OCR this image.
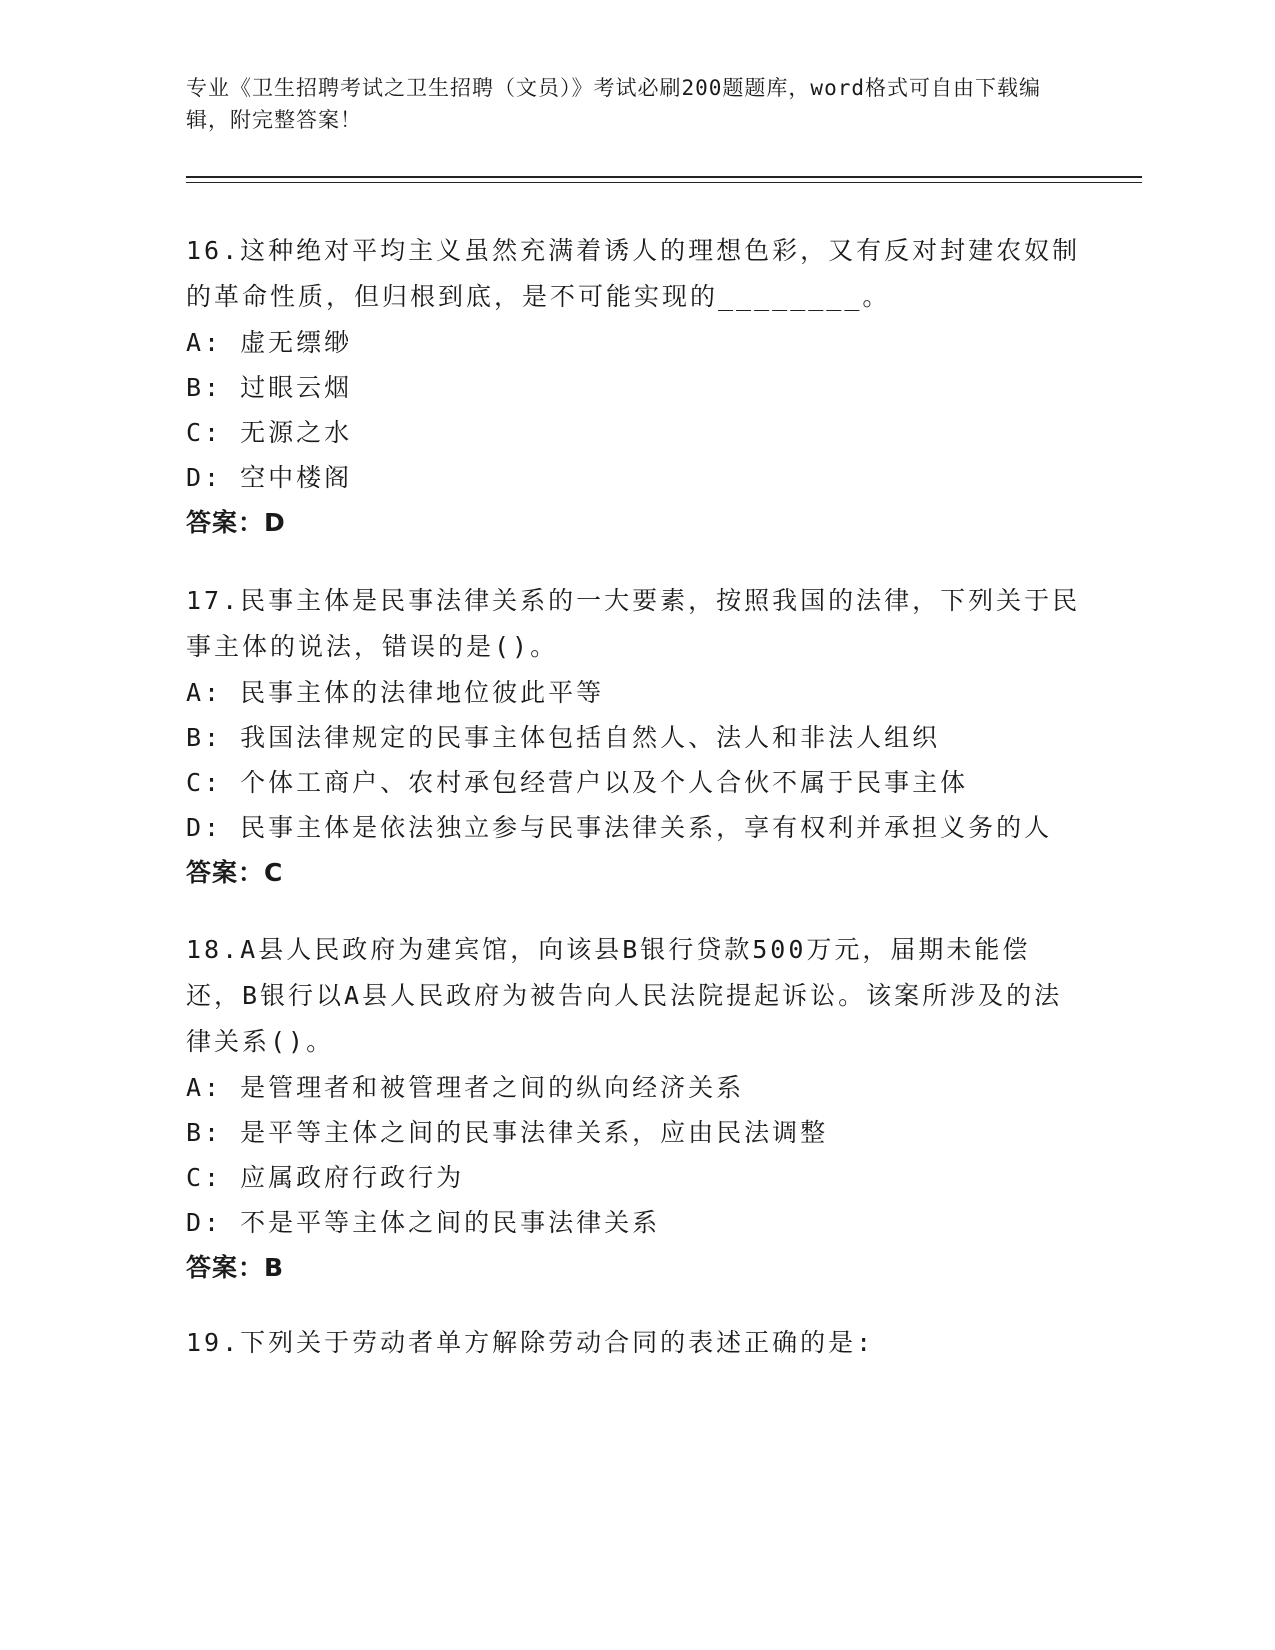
专业《卫生招聘考试之卫生招聘（文员）》考试必刷200题题库，word格式可自由下载编辑，附完整答案！

16.这种绝对平均主义虽然充满着诱人的理想色彩，又有反对封建农奴制的革命性质，但归根到底，是不可能实现的________。

A: 虚无缥缈

B: 过眼云烟

C: 无源之水

D: 空中楼阁

答案：D

17.民事主体是民事法律关系的一大要素，按照我国的法律，下列关于民事主体的说法，错误的是()。

A: 民事主体的法律地位彼此平等

B: 我国法律规定的民事主体包括自然人、法人和非法人组织

C: 个体工商户、农村承包经营户以及个人合伙不属于民事主体

D: 民事主体是依法独立参与民事法律关系，享有权利并承担义务的人

答案：C

18.A县人民政府为建宾馆，向该县B银行贷款500万元，届期未能偿还，B银行以A县人民政府为被告向人民法院提起诉讼。该案所涉及的法律关系()。

A: 是管理者和被管理者之间的纵向经济关系

B: 是平等主体之间的民事法律关系，应由民法调整

C: 应属政府行政行为

D: 不是平等主体之间的民事法律关系

答案：B

19.下列关于劳动者单方解除劳动合同的表述正确的是:
